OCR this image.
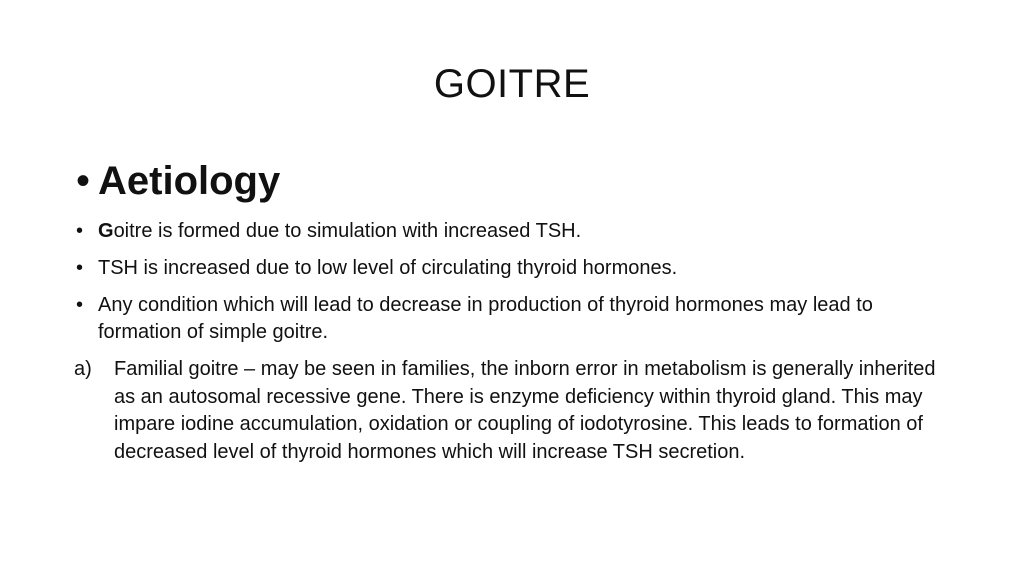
GOITRE
• Aetiology
• Goitre is formed due to simulation with increased TSH.
• TSH is increased due to low level of circulating thyroid hormones.
• Any condition which will lead to decrease in production of thyroid hormones may lead to formation of simple goitre.
a)	Familial goitre – may be seen in families, the inborn error in metabolism is generally inherited as an autosomal recessive gene. There is enzyme deficiency within thyroid gland. This may impare iodine accumulation, oxidation or coupling of iodotyrosine. This leads to formation of decreased level of thyroid hormones which will increase TSH secretion.
